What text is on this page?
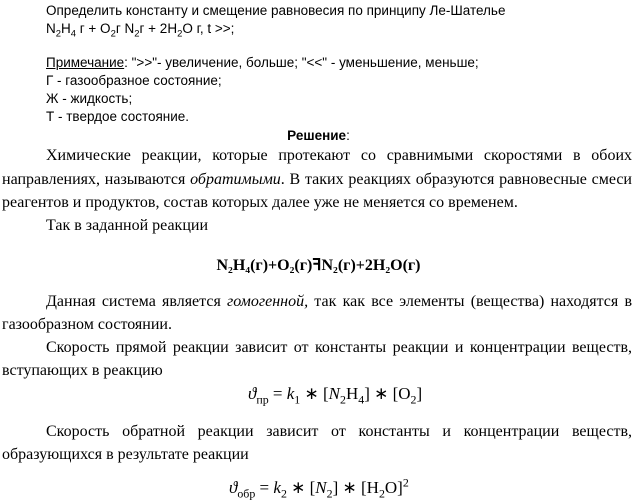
Определить константу и смещение равновесия по принципу Ле-Шателье
$N_2H_4$ $г + O_2г$ $N_2г + 2H_2O$ г, t >>;
Примечание: ">>"- увеличение, больше; "<<" - уменьшение, меньше;
Г - газообразное состояние;
Ж - жидкость;
Т - твердое состояние.
Решение:
Химические реакции, которые протекают со сравнимыми скоростями в обоих
направлениях, называются обратимыми. В таких реакциях образуются равновесные смеси
реагентов и продуктов, состав которых далее уже не меняется со временем.
Так в заданной реакции
N₂H₄(г)+O₂(г)ꟻN₂(г)+2H₂O(г)
Данная система является гомогенной, так как все элементы (вещества) находятся в
газообразном состоянии.
Скорость прямой реакции зависит от константы реакции и концентрации веществ,
вступающих в реакцию
$ϑ_{пр} = k_1$ ∗ $[N_2H_4]$ ∗ $[O_2]$
Скорость обратной реакции зависит от константы и концентрации веществ,
образующихся в результате реакции
$ϑ_{обр} = k_2$ ∗ $[N_2]$ ∗ $[H_2O]^2$
